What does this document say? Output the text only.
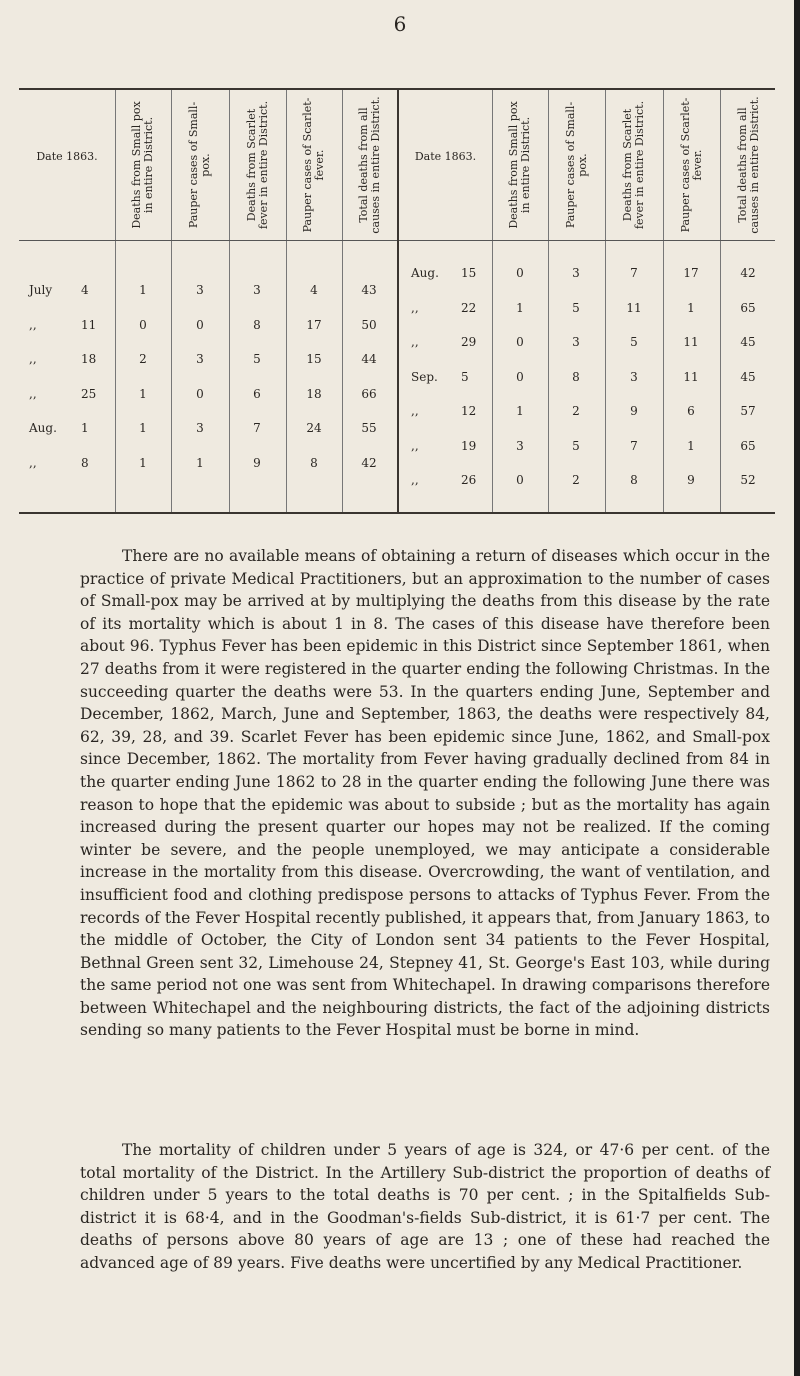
6
Date 1863.	Deaths from Small pox in entire District.	Pauper cases of Small-pox.	Deaths from Scarlet fever in entire District.	Pauper cases of Scarlet-fever.	Total deaths from all causes in entire District.
July 4	1	3	3	4	43
,,	11	0	0	8	17	50
,,	18	2	3	5	15	44
,,	25	1	0	6	18	66
Aug. 1	1	3	7	24	55
,,	8	1	1	9	8	42
Date 1863.	Deaths from Small pox in entire District.	Pauper cases of Small-pox.	Deaths from Scarlet fever in entire District.	Pauper cases of Scarlet-fever.	Total deaths from all causes in entire District.
Aug. 15	0	3	7	17	42
,,	22	1	5	11	1	65
,,	29	0	3	5	11	45
Sep. 5	0	8	3	11	45
,,	12	1	2	9	6	57
,,	19	3	5	7	1	65
,,	26	0	2	8	9	52

There are no available means of obtaining a return of diseases which occur in the practice of private Medical Practitioners, but an approximation to the number of cases of Small-pox may be arrived at by multiplying the deaths from this disease by the rate of its mortality which is about 1 in 8. The cases of this disease have therefore been about 96. Typhus Fever has been epidemic in this District since September 1861, when 27 deaths from it were registered in the quarter ending the following Christmas. In the succeeding quarter the deaths were 53. In the quarters ending June, September and December, 1862, March, June and September, 1863, the deaths were respectively 84, 62, 39, 28, and 39. Scarlet Fever has been epidemic since June, 1862, and Small-pox since December, 1862. The mortality from Fever having gradually declined from 84 in the quarter ending June 1862 to 28 in the quarter ending the following June there was reason to hope that the epidemic was about to subside ; but as the mortality has again increased during the present quarter our hopes may not be realized. If the coming winter be severe, and the people unemployed, we may anticipate a considerable increase in the mortality from this disease. Overcrowding, the want of ventilation, and insufficient food and clothing predispose persons to attacks of Typhus Fever. From the records of the Fever Hospital recently published, it appears that, from January 1863, to the middle of October, the City of London sent 34 patients to the Fever Hospital, Bethnal Green sent 32, Limehouse 24, Stepney 41, St. George's East 103, while during the same period not one was sent from Whitechapel. In drawing comparisons therefore between Whitechapel and the neighbouring districts, the fact of the adjoining districts sending so many patients to the Fever Hospital must be borne in mind.

The mortality of children under 5 years of age is 324, or 47·6 per cent. of the total mortality of the District. In the Artillery Sub-district the proportion of deaths of children under 5 years to the total deaths is 70 per cent. ; in the Spitalfields Sub-district it is 68·4, and in the Goodman's-fields Sub-district, it is 61·7 per cent. The deaths of persons above 80 years of age are 13 ; one of these had reached the advanced age of 89 years. Five deaths were uncertified by any Medical Practitioner.
